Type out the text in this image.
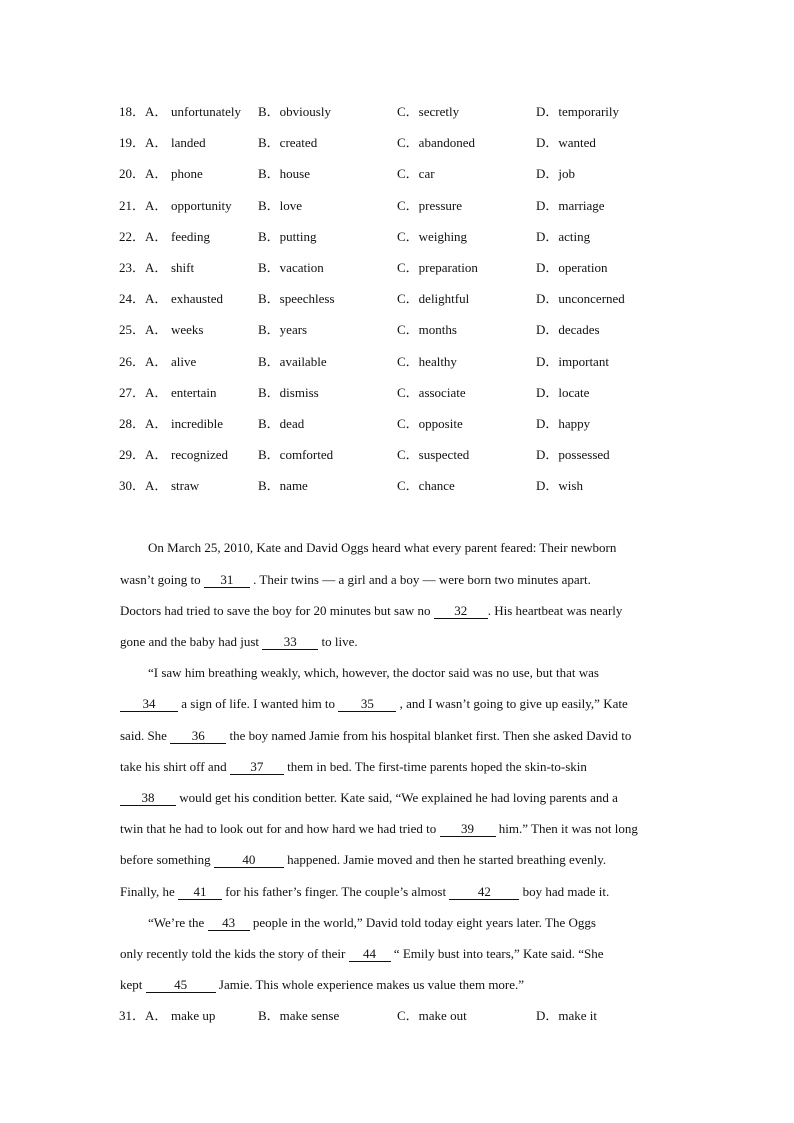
18．A． unfortunately B．obviously	C．secretly	D．temporarily
19．A． landed	B．created	C．abandoned	D．wanted
20．A． phone	B．house	C．car	D．job
21．A． opportunity B．love	C．pressure	D．marriage
22．A． feeding	B．putting	C．weighing	D．acting
23．A． shift	B．vacation	C．preparation	D．operation
24．A． exhausted	B．speechless	C．delightful	D．unconcerned
25．A． weeks	B．years	C．months	D．decades
26．A． alive	B．available	C．healthy	D．important
27．A． entertain	B．dismiss	C．associate	D．locate
28．A． incredible	B．dead	C．opposite	D．happy
29．A． recognized B．comforted	C．suspected	D．possessed
30．A． straw	B．name	C．chance	D．wish
On March 25, 2010, Kate and David Oggs heard what every parent feared: Their newborn
wasn’t going to 31 . Their twins — a girl and a boy — were born two minutes apart.
Doctors had tried to save the boy for 20 minutes but saw no 32 . His heartbeat was nearly
gone and the baby had just 33 to live.
“I saw him breathing weakly, which, however, the doctor said was no use, but that was
34 a sign of life. I wanted him to 35 , and I wasn’t going to give up easily,” Kate
said. She 36 the boy named Jamie from his hospital blanket first. Then she asked David to
take his shirt off and 37 them in bed. The first-time parents hoped the skin-to-skin
38 would get his condition better. Kate said, “We explained he had loving parents and a
twin that he had to look out for and how hard we had tried to 39 him.” Then it was not long
before something 40 happened. Jamie moved and then he started breathing evenly.
Finally, he 41 for his father’s finger. The couple’s almost 42 boy had made it.
“We’re the 43 people in the world,” David told today eight years later. The Oggs
only recently told the kids the story of their 44 “ Emily bust into tears,” Kate said. “She
kept 45 Jamie. This whole experience makes us value them more.”
31．A． make up	B．make sense	C．make out	D．make it
